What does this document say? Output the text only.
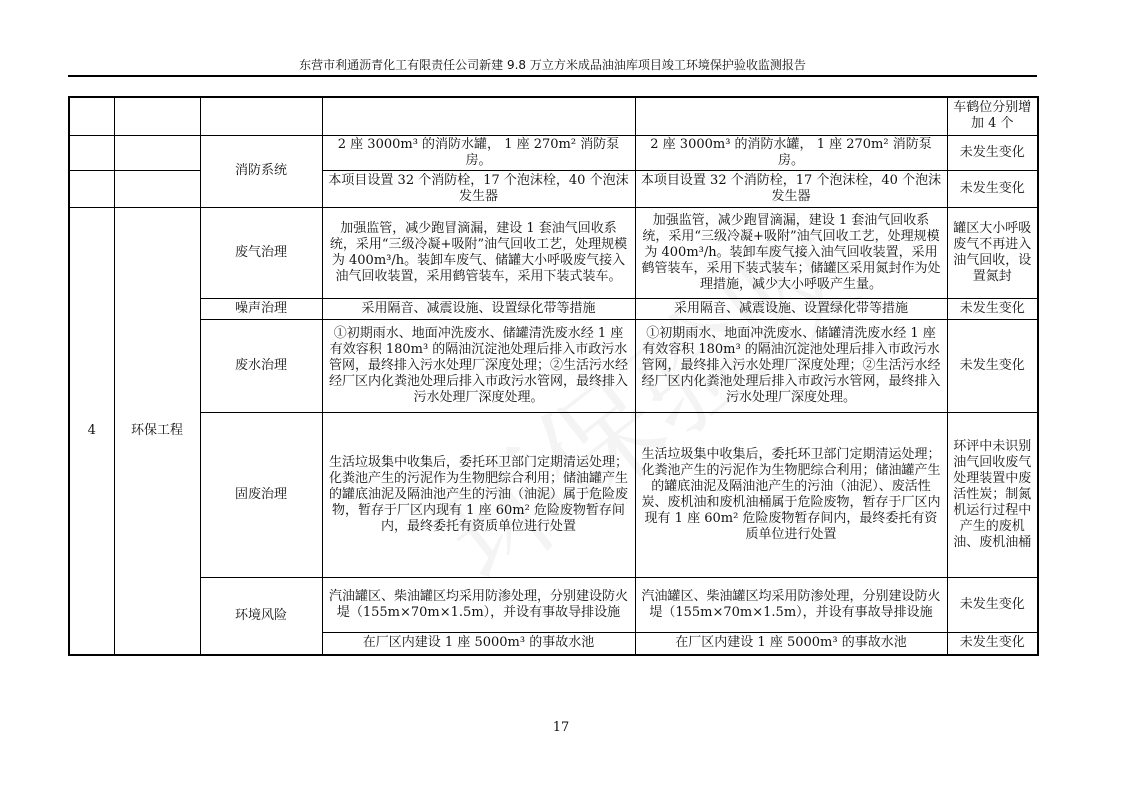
东营市利通沥青化工有限责任公司新建 9.8 万立方米成品油油库项目竣工环境保护验收监测报告
					车鹤位分别增加 4 个
		消防系统	2 座 3000m³ 的消防水罐， 1 座 270m² 消防泵房。	2 座 3000m³ 的消防水罐， 1 座 270m² 消防泵房。	未发生变化
			本项目设置 32 个消防栓，17 个泡沫栓，40 个泡沫发生器	本项目设置 32 个消防栓，17 个泡沫栓，40 个泡沫发生器	未发生变化
4	环保工程	废气治理	加强监管，减少跑冒滴漏，建设 1 套油气回收系统，采用“三级冷凝+吸附”油气回收工艺，处理规模为 400m³/h。装卸车废气、储罐大小呼吸废气接入油气回收装置，采用鹤管装车，采用下装式装车。	加强监管，减少跑冒滴漏，建设 1 套油气回收系统，采用“三级冷凝+吸附”油气回收工艺，处理规模为 400m³/h。装卸车废气接入油气回收装置，采用鹤管装车，采用下装式装车；储罐区采用氮封作为处理措施，减少大小呼吸产生量。	罐区大小呼吸废气不再进入油气回收，设置氮封
		噪声治理	采用隔音、减震设施、设置绿化带等措施	采用隔音、减震设施、设置绿化带等措施	未发生变化
		废水治理	①初期雨水、地面冲洗废水、储罐清洗废水经 1 座有效容积 180m³ 的隔油沉淀池处理后排入市政污水管网，最终排入污水处理厂深度处理；②生活污水经经厂区内化粪池处理后排入市政污水管网，最终排入污水处理厂深度处理。	①初期雨水、地面冲洗废水、储罐清洗废水经 1 座有效容积 180m³ 的隔油沉淀池处理后排入市政污水管网，最终排入污水处理厂深度处理；②生活污水经经厂区内化粪池处理后排入市政污水管网，最终排入污水处理厂深度处理。	未发生变化
		固废治理	生活垃圾集中收集后，委托环卫部门定期清运处理；化粪池产生的污泥作为生物肥综合利用；储油罐产生的罐底油泥及隔油池产生的污油（油泥）属于危险废物，暂存于厂区内现有 1 座 60m² 危险废物暂存间内，最终委托有资质单位进行处置	生活垃圾集中收集后，委托环卫部门定期清运处理；化粪池产生的污泥作为生物肥综合利用；储油罐产生的罐底油泥及隔油池产生的污油（油泥）、废活性炭、废机油和废机油桶属于危险废物，暂存于厂区内现有 1 座 60m² 危险废物暂存间内，最终委托有资质单位进行处置	环评中未识别油气回收废气处理装置中废活性炭；制氮机运行过程中产生的废机油、废机油桶
		环境风险	汽油罐区、柴油罐区均采用防渗处理，分别建设防火堤（155m×70m×1.5m），并设有事故导排设施	汽油罐区、柴油罐区均采用防渗处理，分别建设防火堤（155m×70m×1.5m），并设有事故导排设施	未发生变化
			在厂区内建设 1 座 5000m³ 的事故水池	在厂区内建设 1 座 5000m³ 的事故水池	未发生变化
17
